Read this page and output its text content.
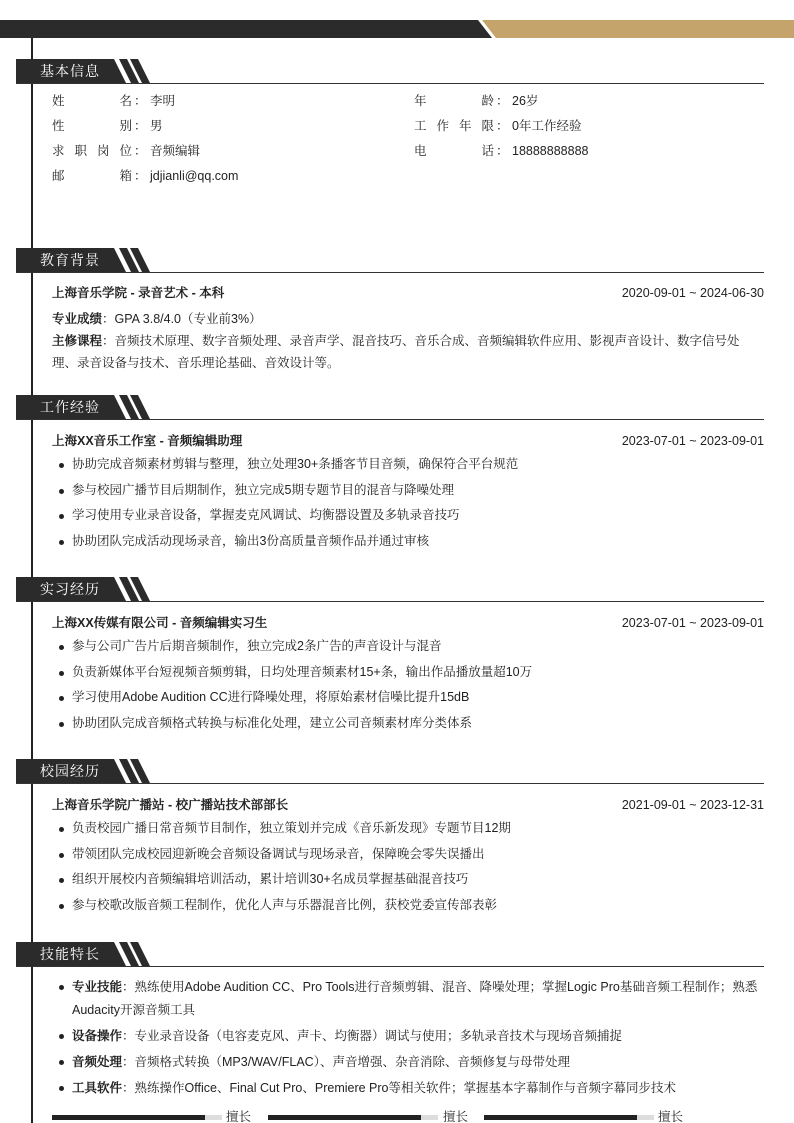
基本信息
姓名 ： 李明	年龄 ： 26岁
性别 ： 男	工作年限 ： 0年工作经验
求职岗位 ： 音频编辑	电话 ： 18888888888
邮箱 ： jdjianli@qq.com
教育背景
上海音乐学院 - 录音艺术 - 本科	2020-09-01 ~ 2024-06-30
专业成绩：GPA 3.8/4.0（专业前3%）
主修课程：音频技术原理、数字音频处理、录音声学、混音技巧、音乐合成、音频编辑软件应用、影视声音设计、数字信号处理、录音设备与技术、音乐理论基础、音效设计等。
工作经验
上海XX音乐工作室 - 音频编辑助理	2023-07-01 ~ 2023-09-01
协助完成音频素材剪辑与整理，独立处理30+条播客节目音频，确保符合平台规范
参与校园广播节目后期制作，独立完成5期专题节目的混音与降噪处理
学习使用专业录音设备，掌握麦克风调试、均衡器设置及多轨录音技巧
协助团队完成活动现场录音，输出3份高质量音频作品并通过审核
实习经历
上海XX传媒有限公司 - 音频编辑实习生	2023-07-01 ~ 2023-09-01
参与公司广告片后期音频制作，独立完成2条广告的声音设计与混音
负责新媒体平台短视频音频剪辑，日均处理音频素材15+条，输出作品播放量超10万
学习使用Adobe Audition CC进行降噪处理，将原始素材信噪比提升15dB
协助团队完成音频格式转换与标准化处理，建立公司音频素材库分类体系
校园经历
上海音乐学院广播站 - 校广播站技术部部长	2021-09-01 ~ 2023-12-31
负责校园广播日常音频节目制作，独立策划并完成《音乐新发现》专题节目12期
带领团队完成校园迎新晚会音频设备调试与现场录音，保障晚会零失误播出
组织开展校内音频编辑培训活动，累计培训30+名成员掌握基础混音技巧
参与校歌改版音频工程制作，优化人声与乐器混音比例，获校党委宣传部表彰
技能特长
专业技能：熟练使用Adobe Audition CC、Pro Tools进行音频剪辑、混音、降噪处理；掌握Logic Pro基础音频工程制作；熟悉Audacity开源音频工具
设备操作：专业录音设备（电容麦克风、声卡、均衡器）调试与使用；多轨录音技术与现场音频捕捉
音频处理：音频格式转换（MP3/WAV/FLAC）、声音增强、杂音消除、音频修复与母带处理
工具软件：熟练操作Office、Final Cut Pro、Premiere Pro等相关软件；掌握基本字幕制作与音频字幕同步技术
擅长	擅长	擅长
